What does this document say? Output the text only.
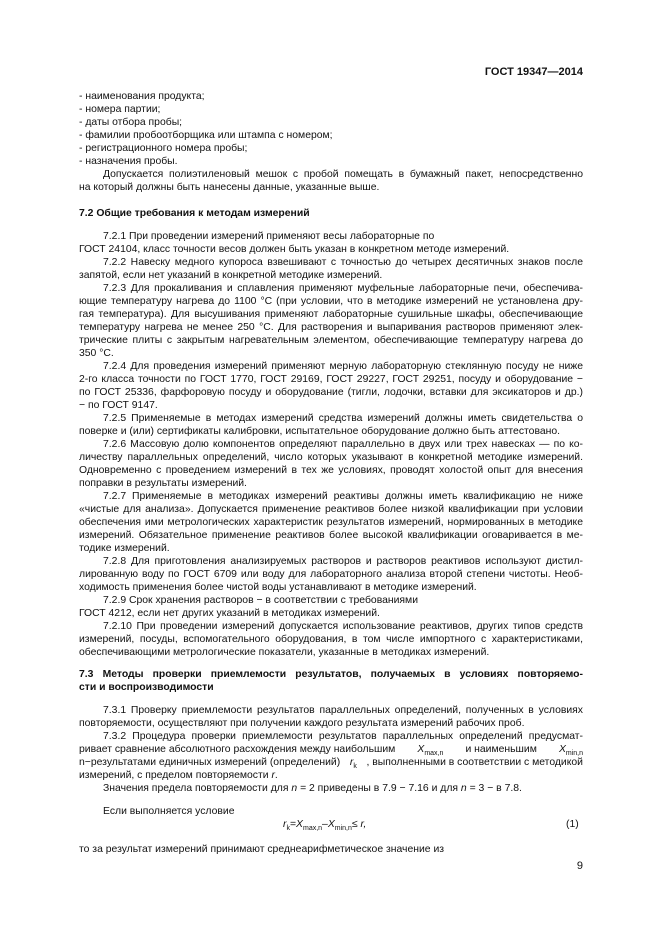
ГОСТ 19347—2014
- наименования продукта;
- номера партии;
- даты отбора пробы;
- фамилии пробоотборщика или штампа с номером;
- регистрационного номера пробы;
- назначения пробы.
Допускается полиэтиленовый мешок с пробой помещать в бумажный пакет, непосредственно
на который должны быть нанесены данные, указанные выше.
7.2 Общие требования к методам измерений
7.2.1 При проведении измерений применяют весы лабораторные по
ГОСТ 24104, класс точности весов должен быть указан в конкретном методе измерений.
7.2.2 Навеску медного купороса взвешивают с точностью до четырех десятичных знаков после
запятой, если нет указаний в конкретной методике измерений.
7.2.3 Для прокаливания и сплавления применяют муфельные лабораторные печи, обеспечива-
ющие температуру нагрева до 1100 °С (при условии, что в методике измерений не установлена дру-
гая температура). Для высушивания применяют лабораторные сушильные шкафы, обеспечивающие
температуру нагрева не менее 250 °С. Для растворения и выпаривания растворов применяют элек-
трические плиты с закрытым нагревательным элементом, обеспечивающие температуру нагрева до
350 °С.
7.2.4 Для проведения измерений применяют мерную лабораторную стеклянную посуду не ниже
2-го класса точности по ГОСТ 1770, ГОСТ 29169, ГОСТ 29227, ГОСТ 29251, посуду и оборудование −
по ГОСТ 25336, фарфоровую посуду и оборудование (тигли, лодочки, вставки для эксикаторов и др.)
− по ГОСТ 9147.
7.2.5 Применяемые в методах измерений средства измерений должны иметь свидетельства о
поверке и (или) сертификаты калибровки, испытательное оборудование должно быть аттестовано.
7.2.6 Массовую долю компонентов определяют параллельно в двух или трех навесках — по ко-
личеству параллельных определений, число которых указывают в конкретной методике измерений.
Одновременно с проведением измерений в тех же условиях, проводят холостой опыт для внесения
поправки в результаты измерений.
7.2.7 Применяемые в методиках измерений реактивы должны иметь квалификацию не ниже
«чистые для анализа». Допускается применение реактивов более низкой квалификации при условии
обеспечения ими метрологических характеристик результатов измерений, нормированных в методике
измерений. Обязательное применение реактивов более высокой квалификации оговаривается в ме-
тодике измерений.
7.2.8 Для приготовления анализируемых растворов и растворов реактивов используют дистил-
лированную воду по ГОСТ 6709 или воду для лабораторного анализа второй степени чистоты. Необ-
ходимость применения более чистой воды устанавливают в методике измерений.
7.2.9 Срок хранения растворов − в соответствии с требованиями
ГОСТ 4212, если нет других указаний в методиках измерений.
7.2.10 При проведении измерений допускается использование реактивов, других типов средств
измерений, посуды, вспомогательного оборудования, в том числе импортного с характеристиками,
обеспечивающими метрологические показатели, указанные в методиках измерений.
7.3 Методы проверки приемлемости результатов, получаемых в условиях повторяемо-
сти и воспроизводимости
7.3.1 Проверку приемлемости результатов параллельных определений, полученных в условиях
повторяемости, осуществляют при получении каждого результата измерений рабочих проб.
7.3.2 Процедура проверки приемлемости результатов параллельных определений предусмат-
ривает сравнение абсолютного расхождения между наибольшим $X_{max,n}$ и наименьшим $X_{min,n}$
n−результатами единичных измерений (определений) $r_k$ , выполненными в соответствии с методикой
измерений, с пределом повторяемости r.
Значения предела повторяемости для n = 2 приведены в 7.9 − 7.16 и для n = 3 − в 7.8.
Если выполняется условие
$r_k=X_{max,n}-X_{min,n}\le r$,	(1)
то за результат измерений принимают среднеарифметическое значение из
9
